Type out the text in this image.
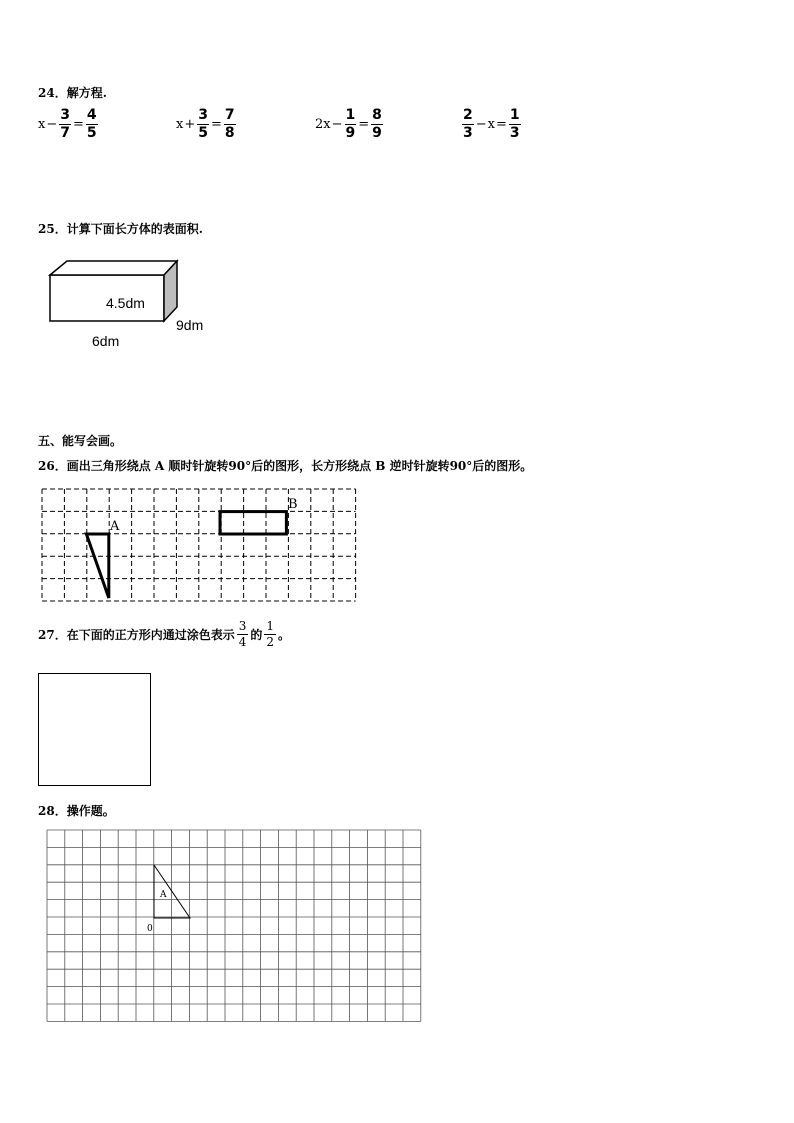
24．解方程.
$x - \frac{3}{7} = \frac{4}{5}$	$x + \frac{3}{5} = \frac{7}{8}$	$2x - \frac{1}{9} = \frac{8}{9}$	$\frac{2}{3} - x = \frac{1}{3}$
25．计算下面长方体的表面积.
4.5dm
9dm
6dm
五、能写会画。
26．画出三角形绕点 A 顺时针旋转90°后的图形，长方形绕点 B 逆时针旋转90°后的图形。
A
B
27．在下面的正方形内通过涂色表示 $\frac{3}{4}$ 的 $\frac{1}{2}$ 。
28．操作题。
A
0
